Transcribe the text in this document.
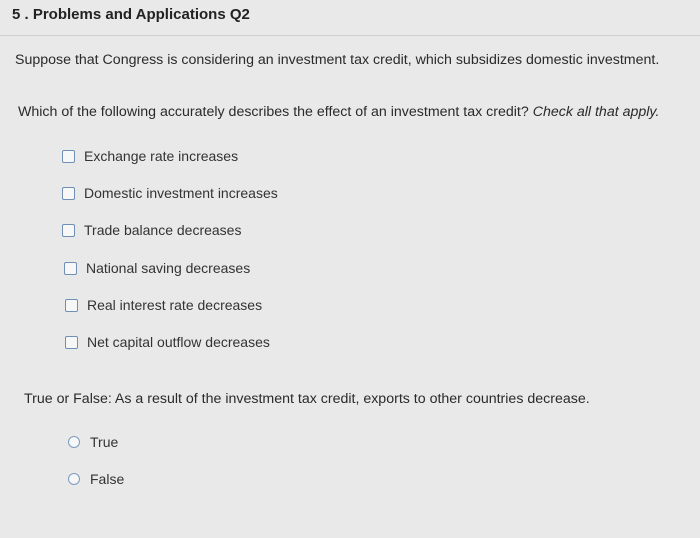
5 . Problems and Applications Q2
Suppose that Congress is considering an investment tax credit, which subsidizes domestic investment.
Which of the following accurately describes the effect of an investment tax credit? Check all that apply.
Exchange rate increases
Domestic investment increases
Trade balance decreases
National saving decreases
Real interest rate decreases
Net capital outflow decreases
True or False: As a result of the investment tax credit, exports to other countries decrease.
True
False
